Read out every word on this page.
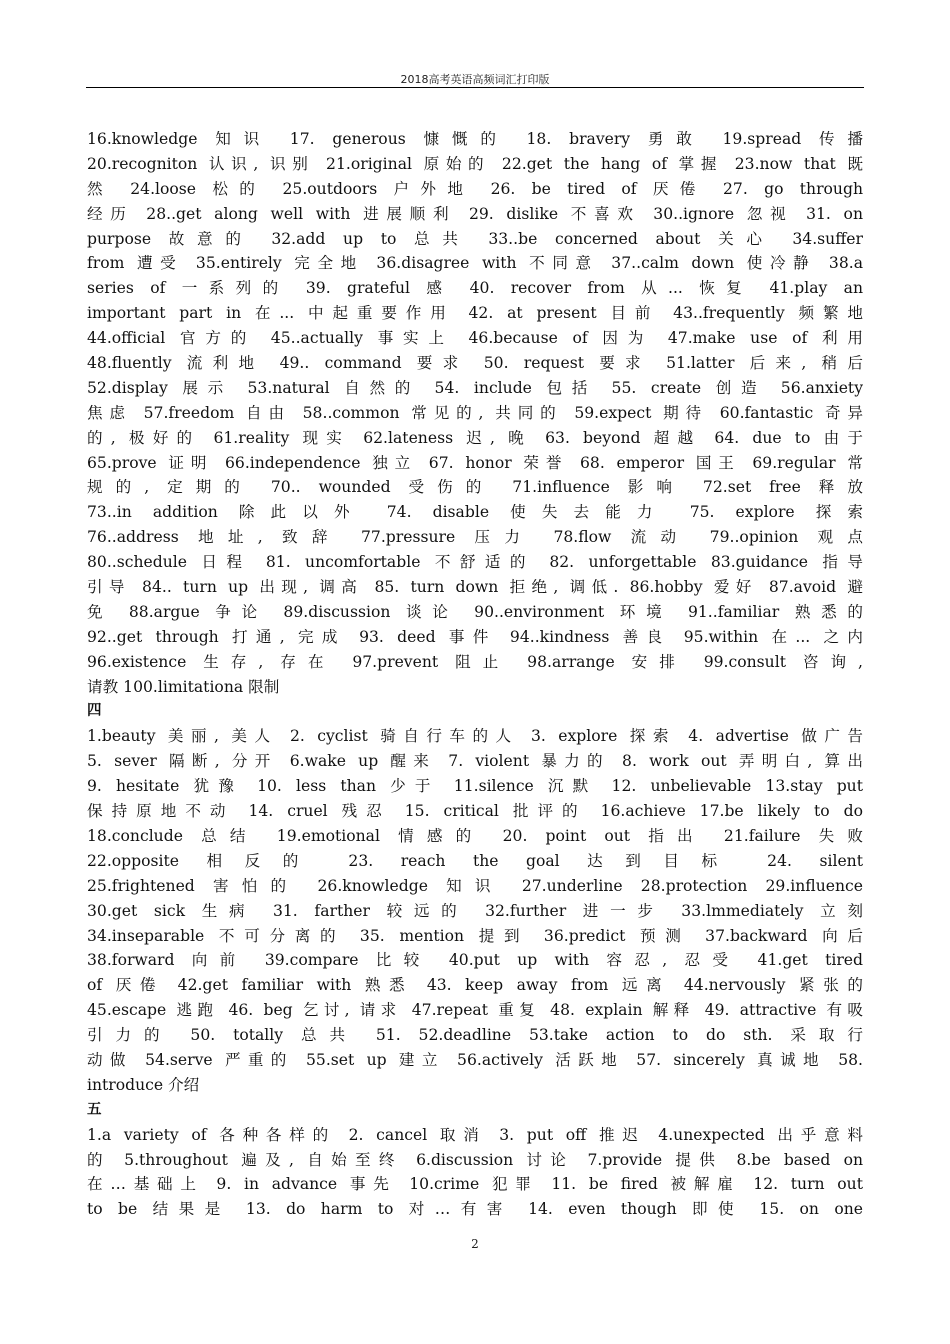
2018高考英语高频词汇打印版
16.knowledge 知识 17. generous 慷慨的 18. bravery 勇敢 19.spread 传播
20.recogniton 认识, 识别 21.original 原始的 22.get the hang of 掌握 23.now that 既
然 24.loose 松的 25.outdoors 户外地 26. be tired of 厌倦 27. go through
经历 28..get along well with 进展顺利 29. dislike 不喜欢 30..ignore 忽视 31. on
purpose 故意的 32.add up to 总共 33..be concerned about 关心 34.suffer
from 遭受 35.entirely 完全地 36.disagree with 不同意 37..calm down 使冷静 38.a
series of 一系列的 39. grateful 感 40. recover from 从... 恢复 41.play an
important part in 在... 中起重要作用 42. at present 目前 43..frequently 频繁地
44.official 官方的 45..actually 事实上 46.because of 因为 47.make use of 利用
48.fluently 流利地 49.. command 要求 50. request 要求 51.latter 后来, 稍后
52.display 展示 53.natural 自然的 54. include 包括 55. create 创造 56.anxiety
焦虑 57.freedom 自由 58..common 常见的, 共同的 59.expect 期待 60.fantastic 奇异
的, 极好的 61.reality 现实 62.lateness 迟, 晚 63. beyond 超越 64. due to 由于
65.prove 证明 66.independence 独立 67. honor 荣誉 68. emperor 国王 69.regular 常
规的, 定期的 70.. wounded 受伤的 71.influence 影响 72.set free 释放
73..in addition 除此以外 74. disable 使失去能力 75. explore 探索
76..address 地址, 致辞 77.pressure 压力 78.flow 流动 79..opinion 观点
80..schedule 日程 81. uncomfortable 不舒适的 82. unforgettable 83.guidance 指导
引导 84.. turn up 出现, 调高 85. turn down 拒绝, 调低. 86.hobby 爱好 87.avoid 避
免 88.argue 争论 89.discussion 谈论 90..environment 环境 91..familiar 熟悉的
92..get through 打通, 完成 93. deed 事件 94..kindness 善良 95.within 在... 之内
96.existence 生存, 存在 97.prevent 阻止 98.arrange 安排 99.consult 咨询,
请教 100.limitationa 限制
四
1.beauty 美丽, 美人 2. cyclist 骑自行车的人 3. explore 探索 4. advertise 做广告
5. sever 隔断, 分开 6.wake up 醒来 7. violent 暴力的 8. work out 弄明白, 算出
9. hesitate 犹豫 10. less than 少于 11.silence 沉默 12. unbelievable 13.stay put
保持原地不动 14. cruel 残忍 15. critical 批评的 16.achieve 17.be likely to do
18.conclude 总结 19.emotional 情感的 20. point out 指出 21.failure 失败
22.opposite 相反的 23. reach the goal 达到目标 24. silent
25.frightened 害怕的 26.knowledge 知识 27.underline 28.protection 29.influence
30.get sick 生病 31. farther 较远的 32.further 进一步 33.lmmediately 立刻
34.inseparable 不可分离的 35. mention 提到 36.predict 预测 37.backward 向后
38.forward 向前 39.compare 比较 40.put up with 容忍, 忍受 41.get tired
of 厌倦 42.get familiar with 熟悉 43. keep away from 远离 44.nervously 紧张的
45.escape 逃跑 46. beg 乞讨, 请求 47.repeat 重复 48. explain 解释 49. attractive 有吸
引力的 50. totally 总共 51. 52.deadline 53.take action to do sth. 采取行
动做 54.serve 严重的 55.set up 建立 56.actively 活跃地 57. sincerely 真诚地 58.
introduce 介绍
五
1.a variety of 各种各样的 2. cancel 取消 3. put off 推迟 4.unexpected 出乎意料
的 5.throughout 遍及, 自始至终 6.discussion 讨论 7.provide 提供 8.be based on
在…基础上 9. in advance 事先 10.crime 犯罪 11. be fired 被解雇 12. turn out
to be 结果是 13. do harm to 对…有害 14. even though 即使 15. on one
2
